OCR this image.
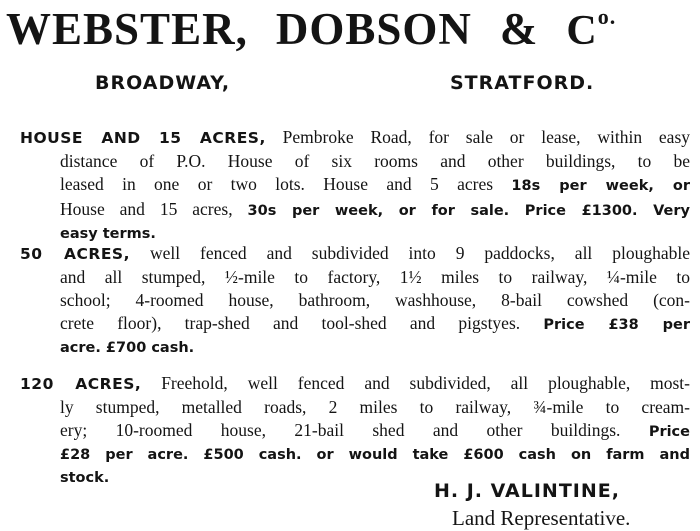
WEBSTER, DOBSON & $C^{o.}$
BROADWAY,	STRATFORD.
HOUSE AND 15 ACRES, Pembroke Road, for sale or lease, within easy
distance of P.O. House of six rooms and other buildings, to be
leased in one or two lots. House and 5 acres 18s per week, or
House and 15 acres, 30s per week, or for sale. Price £1300. Very
easy terms.
50 ACRES, well fenced and subdivided into 9 paddocks, all ploughable
and all stumped, ½-mile to factory, 1½ miles to railway, ¼-mile to
school; 4-roomed house, bathroom, washhouse, 8-bail cowshed (con-
crete floor), trap-shed and tool-shed and pigstyes. Price £38 per
acre. £700 cash.
120 ACRES, Freehold, well fenced and subdivided, all ploughable, most-
ly stumped, metalled roads, 2 miles to railway, ¾-mile to cream-
ery; 10-roomed house, 21-bail shed and other buildings. Price
£28 per acre. £500 cash. or would take £600 cash on farm and
stock.
H. J. VALINTINE,
Land Representative.
